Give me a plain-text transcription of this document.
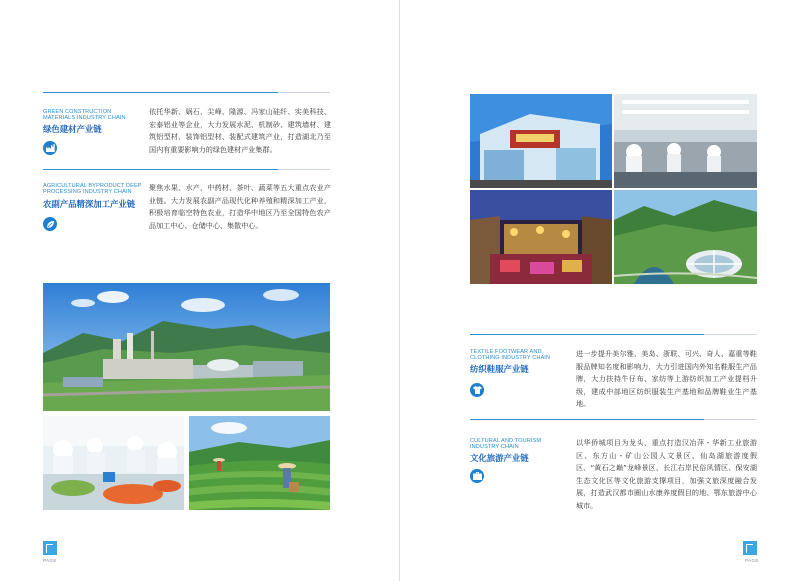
GREEN CONSTRUCTION MATERIALS INDUSTRY CHAIN
绿色建材产业链
依托华新、娲石、尖峰、隆源、冯家山硅纤、实美科技、宏泰铝业等企业，大力发展水泥、机制砂、建筑墙材、建筑铝型材、装饰铝型材、装配式建筑产业，打造湖北乃至国内有重要影响力的绿色建材产业集群。
AGRICULTURAL BYPRODUCT DEEP PROCESSING INDUSTRY CHAIN
农副产品精深加工产业链
聚焦水果、水产、中药材、茶叶、蔬菜等五大重点农业产业链。大力发展农副产品现代化种养殖和精深加工产业，积极培育临空特色农业，打造华中地区乃至全国特色农产品加工中心、仓储中心、集散中心。
PAGE
TEXTILE FOOTWEAR AND CLOTHING INDUSTRY CHAIN
纺织鞋服产业链
进一步提升美尔雅、美岛、浙联、可兴、奇人、嘉重等鞋服品牌知名度和影响力，大力引进国内外知名鞋服生产品牌，大力扶持牛仔布、家纺等上游纺织加工产业提档升级，建成中部地区纺织服装生产基地和品牌鞋业生产基地。
CULTURAL AND TOURISM INDUSTRY CHAIN
文化旅游产业链
以华侨城项目为龙头，重点打造汉冶萍・华新工业旅游区、东方山・矿山公园人文景区、仙岛湖旅游度假区、“黄石之巅”龙峰景区、长江右岸民俗风情区、保安湖生态文化区等文化旅游支撑项目，加强文旅深度融合发展，打造武汉都市圈山水康养度假目的地、鄂东旅游中心城市。
PAGE
